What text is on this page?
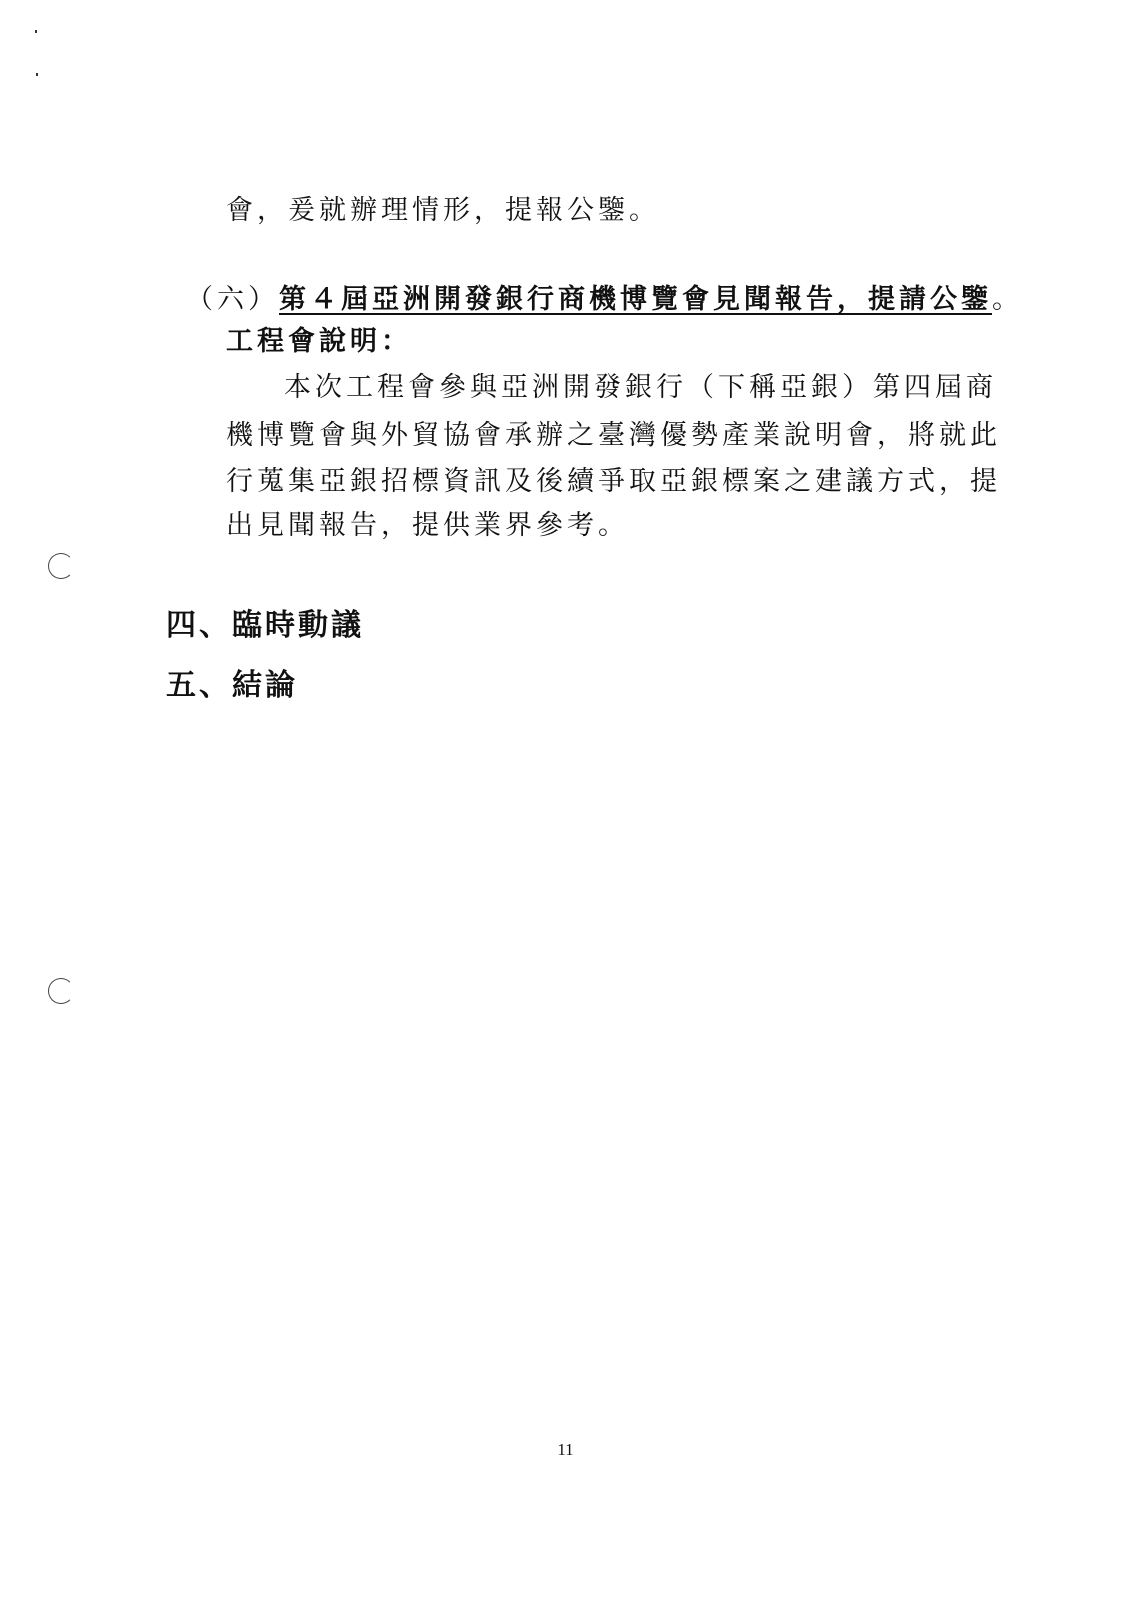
會，爰就辦理情形，提報公鑒。
（六）第４屆亞洲開發銀行商機博覽會見聞報告，提請公鑒。
工程會說明：
本次工程會參與亞洲開發銀行（下稱亞銀）第四屆商
機博覽會與外貿協會承辦之臺灣優勢產業說明會，將就此
行蒐集亞銀招標資訊及後續爭取亞銀標案之建議方式，提
出見聞報告，提供業界參考。
四、臨時動議
五、結論
11
